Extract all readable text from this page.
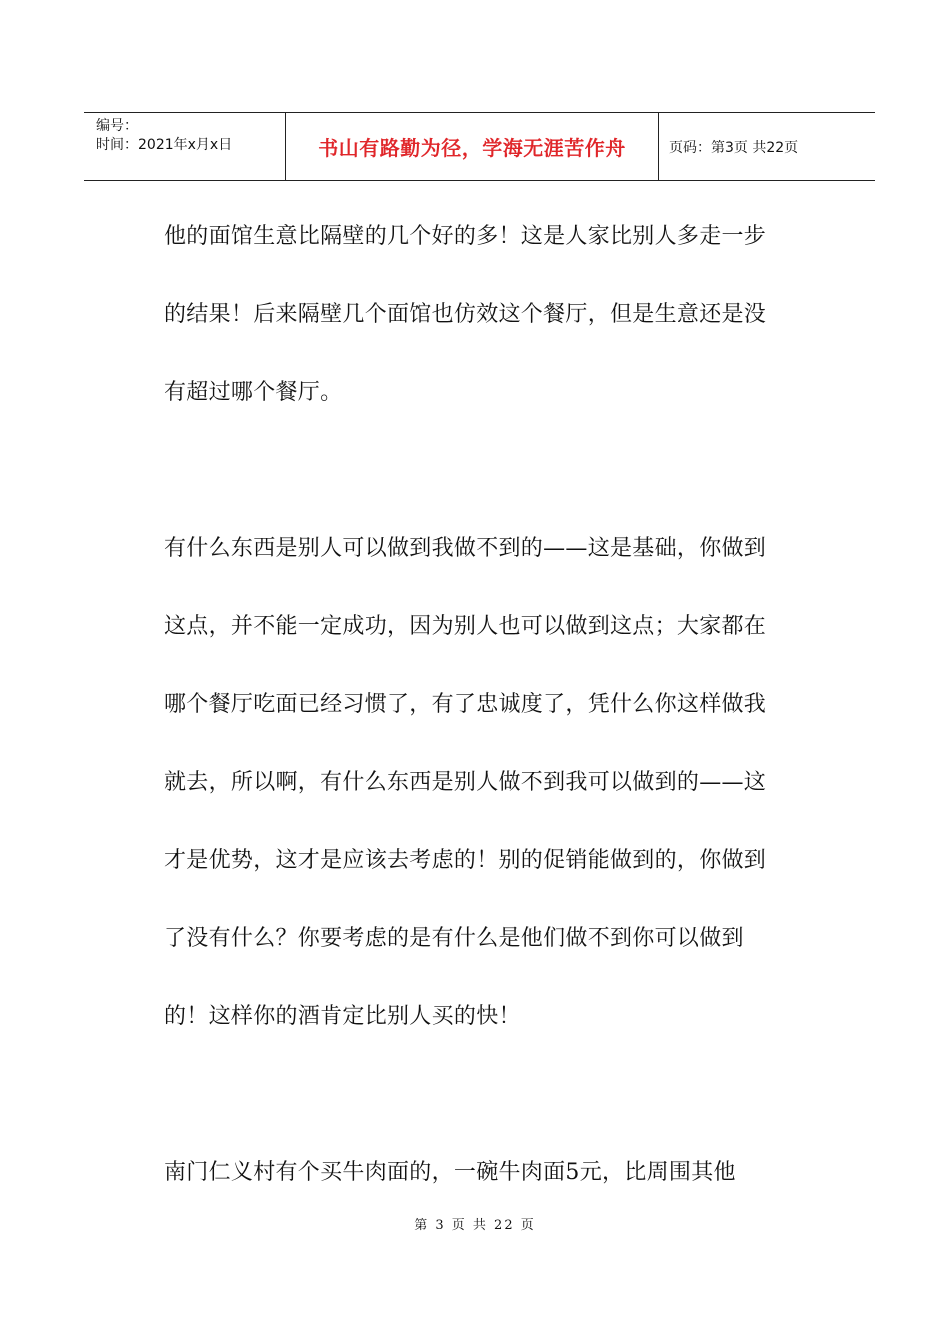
编号：
时间：2021年x月x日	书山有路勤为径，学海无涯苦作舟	页码：第3页 共22页

他的面馆生意比隔壁的几个好的多！这是人家比别人多走一步的结果！后来隔壁几个面馆也仿效这个餐厅，但是生意还是没有超过哪个餐厅。

有什么东西是别人可以做到我做不到的——这是基础，你做到这点，并不能一定成功，因为别人也可以做到这点；大家都在哪个餐厅吃面已经习惯了，有了忠诚度了，凭什么你这样做我就去，所以啊，有什么东西是别人做不到我可以做到的——这才是优势，这才是应该去考虑的！别的促销能做到的，你做到了没有什么？你要考虑的是有什么是他们做不到你可以做到的！这样你的酒肯定比别人买的快！

南门仁义村有个买牛肉面的，一碗牛肉面5元，比周围其他

第 3 页 共 22 页
